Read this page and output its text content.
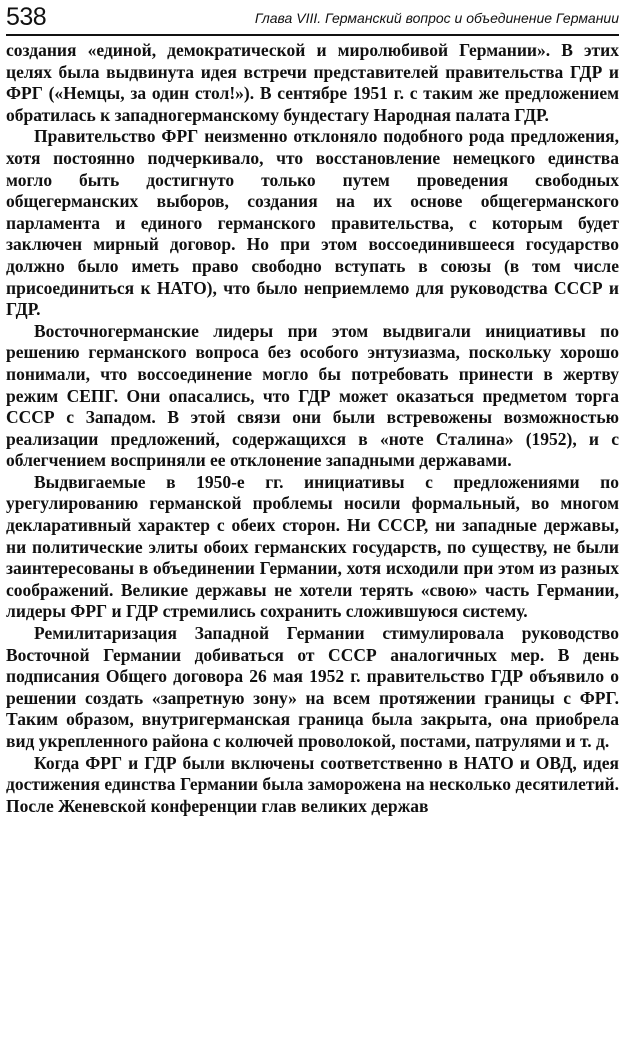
538	Глава VIII. Германский вопрос и объединение Германии

создания «единой, демократической и миролюбивой Германии». В этих целях была выдвинута идея встречи представителей правительства ГДР и ФРГ («Немцы, за один стол!»). В сентябре 1951 г. с таким же предложением обратилась к западногерманскому бундестагу Народная палата ГДР.

Правительство ФРГ неизменно отклоняло подобного рода предложения, хотя постоянно подчеркивало, что восстановление немецкого единства могло быть достигнуто только путем проведения свободных общегерманских выборов, создания на их основе общегерманского парламента и единого германского правительства, с которым будет заключен мирный договор. Но при этом воссоединившееся государство должно было иметь право свободно вступать в союзы (в том числе присоединиться к НАТО), что было неприемлемо для руководства СССР и ГДР.

Восточногерманские лидеры при этом выдвигали инициативы по решению германского вопроса без особого энтузиазма, поскольку хорошо понимали, что воссоединение могло бы потребовать принести в жертву режим СЕПГ. Они опасались, что ГДР может оказаться предметом торга СССР с Западом. В этой связи они были встревожены возможностью реализации предложений, содержащихся в «ноте Сталина» (1952), и с облегчением восприняли ее отклонение западными державами.

Выдвигаемые в 1950-е гг. инициативы с предложениями по урегулированию германской проблемы носили формальный, во многом декларативный характер с обеих сторон. Ни СССР, ни западные державы, ни политические элиты обоих германских государств, по существу, не были заинтересованы в объединении Германии, хотя исходили при этом из разных соображений. Великие державы не хотели терять «свою» часть Германии, лидеры ФРГ и ГДР стремились сохранить сложившуюся систему.

Ремилитаризация Западной Германии стимулировала руководство Восточной Германии добиваться от СССР аналогичных мер. В день подписания Общего договора 26 мая 1952 г. правительство ГДР объявило о решении создать «запретную зону» на всем протяжении границы с ФРГ. Таким образом, внутригерманская граница была закрыта, она приобрела вид укрепленного района с колючей проволокой, постами, патрулями и т. д.

Когда ФРГ и ГДР были включены соответственно в НАТО и ОВД, идея достижения единства Германии была заморожена на несколько десятилетий. После Женевской конференции глав великих держав
